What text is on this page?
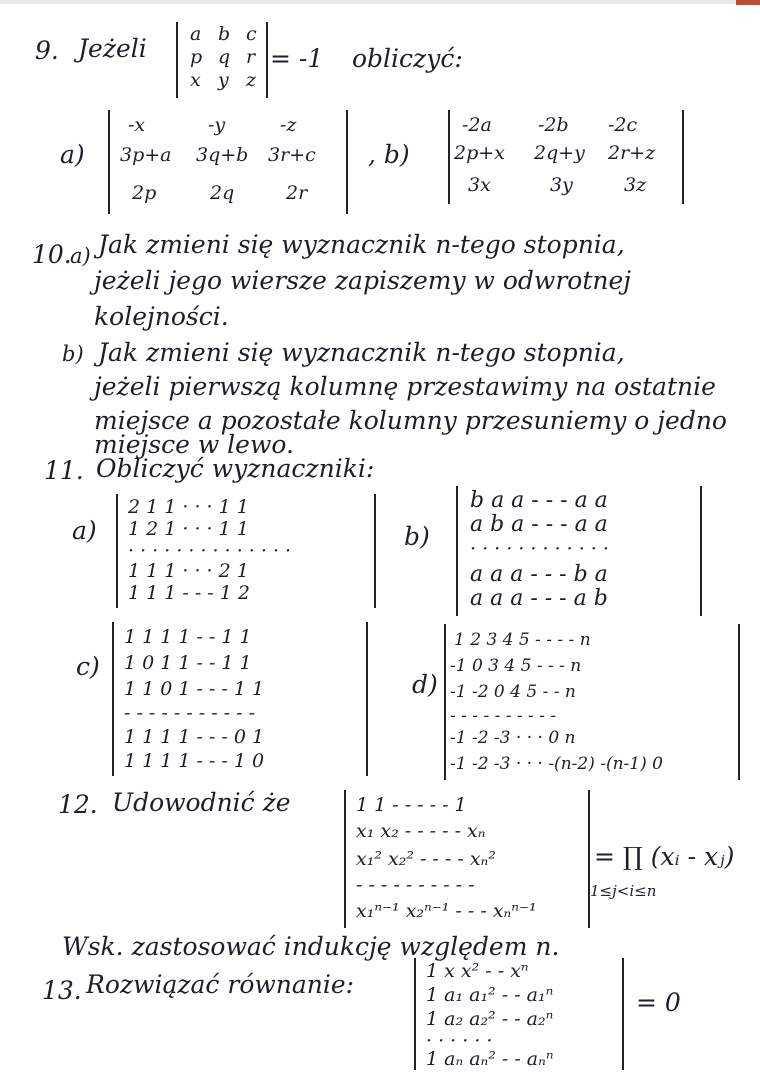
9. Jeżeli a b c
p q r
x y z
= -1 obliczyć:
a)
-x	-y	-z
3p+a 3q+b 3r+c
2p	2q	2r
, b)
-2a -2b -2c
2p+x 2q+y 2r+z
3x	3y	3z
10.
a) Jak zmieni się wyznacznik n-tego stopnia,
jeżeli jego wiersze zapiszemy w odwrotnej
kolejności.
b) Jak zmieni się wyznacznik n-tego stopnia,
jeżeli pierwszą kolumnę przestawimy na ostatnie
miejsce a pozostałe kolumny przesuniemy o jedno
miejsce w lewo.
11. Obliczyć wyznaczniki:
a)
2 1 1 · · · 1 1
1 2 1 · · · 1 1
· · · · · · · · · · · · · ·
1 1 1 · · · 2 1
1 1 1 - - - 1 2
b)
b a a - - - a a
a b a - - - a a
· · · · · · · · · · · ·
a a a - - - b a
a a a - - - a b
c)
1 1 1 1 - - 1 1
1 0 1 1 - - 1 1
1 1 0 1 - - - 1 1
- - - - - - - - - - -
1 1 1 1 - - - 0 1
1 1 1 1 - - - 1 0
d)
1 2 3 4 5 - - - - n
-1 0 3 4 5 - - - n
-1 -2 0 4 5 - - n
- - - - - - - - - -
-1 -2 -3 · · · 0 n
-1 -2 -3 · · · -(n-2) -(n-1) 0
12. Udowodnić że	1 1 - - - - - 1
x₁ x₂ - - - - - xₙ
x₁² x₂² - - - - xₙ²
- - - - - - - - - -
x₁ⁿ⁻¹ x₂ⁿ⁻¹ - - - xₙⁿ⁻¹
= ∏ (xᵢ - xⱼ)
1≤j<i≤n
Wsk. zastosować indukcję względem n.
13. Rozwiązać równanie:	1 x x² - - xⁿ
1 a₁ a₁² - - a₁ⁿ
1 a₂ a₂² - - a₂ⁿ
· · · · · ·
1 aₙ aₙ² - - aₙⁿ
= 0
